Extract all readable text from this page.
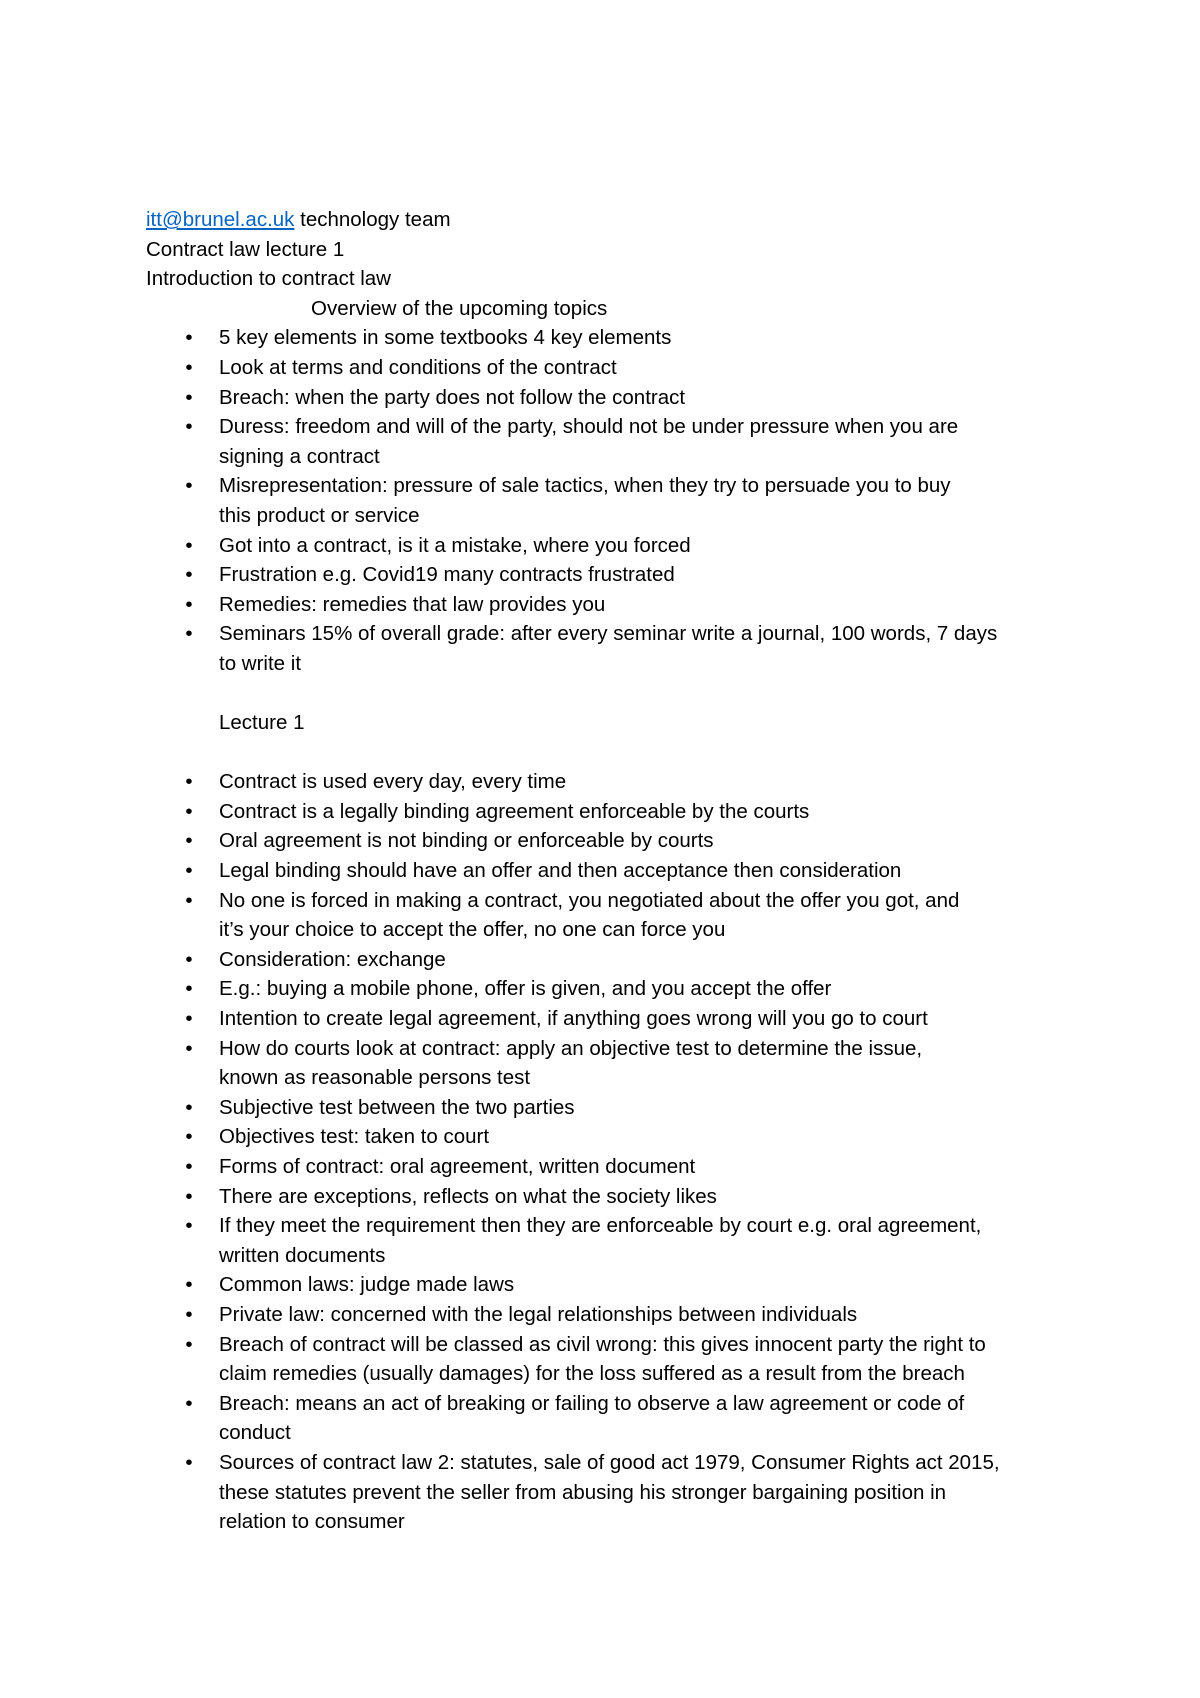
itt@brunel.ac.uk technology team
Contract law lecture 1
Introduction to contract law
Overview of the upcoming topics
• 5 key elements in some textbooks 4 key elements
• Look at terms and conditions of the contract
• Breach: when the party does not follow the contract
• Duress: freedom and will of the party, should not be under pressure when you are
signing a contract
• Misrepresentation: pressure of sale tactics, when they try to persuade you to buy
this product or service
• Got into a contract, is it a mistake, where you forced
• Frustration e.g. Covid19 many contracts frustrated
• Remedies: remedies that law provides you
• Seminars 15% of overall grade: after every seminar write a journal, 100 words, 7 days
to write it
Lecture 1
• Contract is used every day, every time
• Contract is a legally binding agreement enforceable by the courts
• Oral agreement is not binding or enforceable by courts
• Legal binding should have an offer and then acceptance then consideration
• No one is forced in making a contract, you negotiated about the offer you got, and
it’s your choice to accept the offer, no one can force you
• Consideration: exchange
• E.g.: buying a mobile phone, offer is given, and you accept the offer
• Intention to create legal agreement, if anything goes wrong will you go to court
• How do courts look at contract: apply an objective test to determine the issue,
known as reasonable persons test
• Subjective test between the two parties
• Objectives test: taken to court
• Forms of contract: oral agreement, written document
• There are exceptions, reflects on what the society likes
• If they meet the requirement then they are enforceable by court e.g. oral agreement,
written documents
• Common laws: judge made laws
• Private law: concerned with the legal relationships between individuals
• Breach of contract will be classed as civil wrong: this gives innocent party the right to
claim remedies (usually damages) for the loss suffered as a result from the breach
• Breach: means an act of breaking or failing to observe a law agreement or code of
conduct
• Sources of contract law 2: statutes, sale of good act 1979, Consumer Rights act 2015,
these statutes prevent the seller from abusing his stronger bargaining position in
relation to consumer
